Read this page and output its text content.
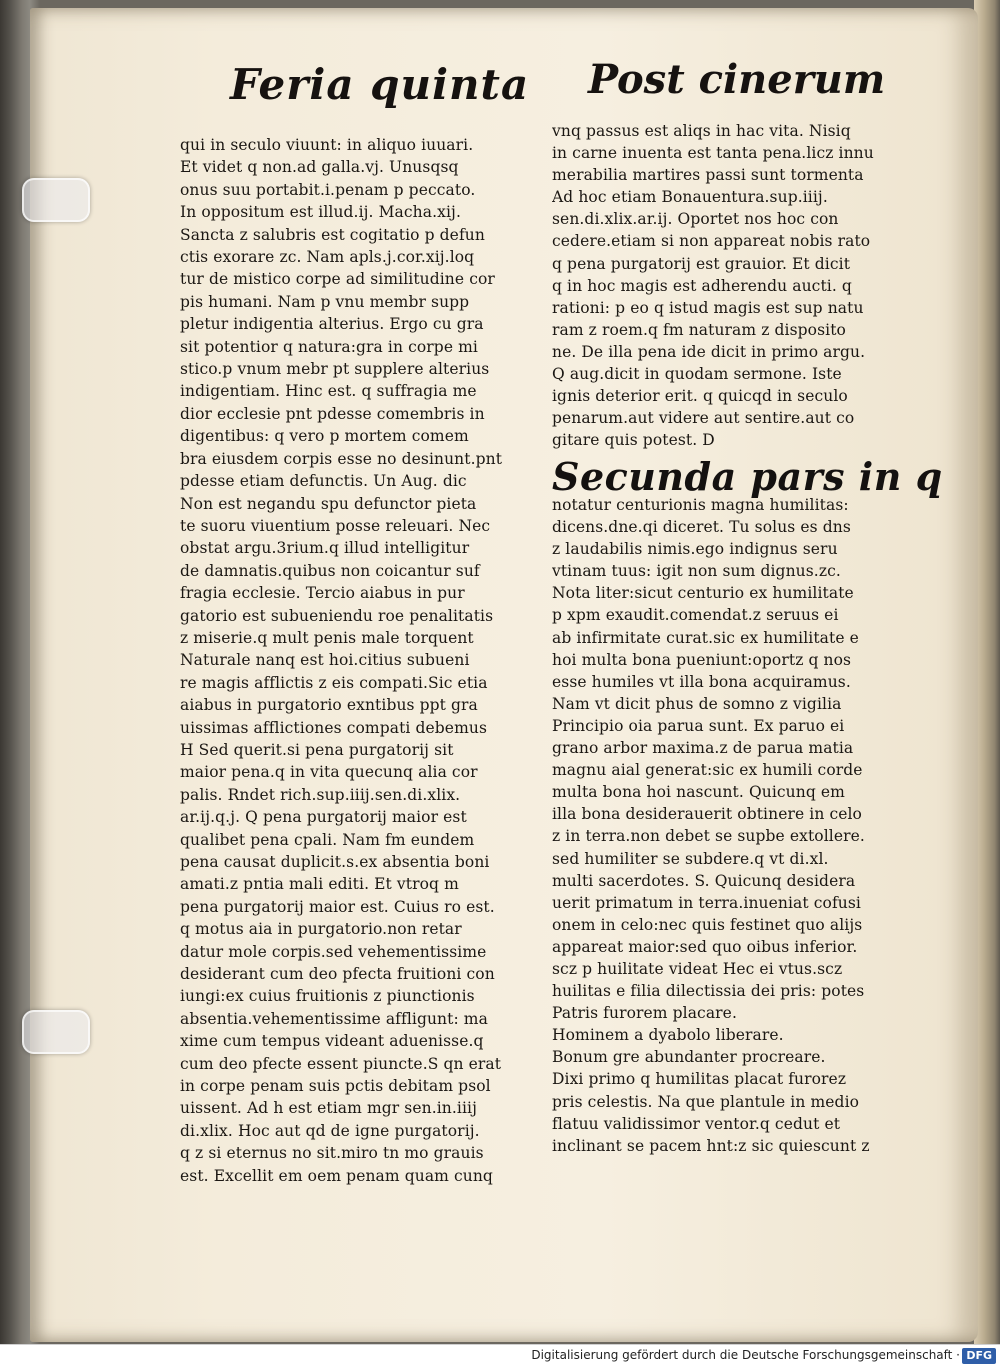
Feria quinta Post cinerum
qui in seculo viuunt: in aliquo iuuari.
Et videt q non.ad galla.vj. Unusqsq
onus suu portabit.i.penam p peccato.
In oppositum est illud.ij. Macha.xij.
Sancta z salubris est cogitatio p defun
ctis exorare zc. Nam apls.j.cor.xij.loq
tur de mistico corpe ad similitudine cor
pis humani. Nam p vnu membr supp
pletur indigentia alterius. Ergo cu gra
sit potentior q natura:gra in corpe mi
stico.p vnum mebr pt supplere alterius
indigentiam. Hinc est. q suffragia me
dior ecclesie pnt pdesse comembris in
digentibus: q vero p mortem comem
bra eiusdem corpis esse no desinunt.pnt
pdesse etiam defunctis. Un Aug. dic
Non est negandu spu defunctor pieta
te suoru viuentium posse releuari. Nec
obstat argu.3rium.q illud intelligitur
de damnatis.quibus non coicantur suf
fragia ecclesie. Tercio aiabus in pur
gatorio est subueniendu roe penalitatis
z miserie.q mult penis male torquent
Naturale nanq est hoi.citius subueni
re magis afflictis z eis compati.Sic etia
aiabus in purgatorio exntibus ppt gra
uissimas afflictiones compati debemus
H Sed querit.si pena purgatorij sit
maior pena.q in vita quecunq alia cor
palis. Rndet rich.sup.iiij.sen.di.xlix.
ar.ij.q.j. Q pena purgatorij maior est
qualibet pena cpali. Nam fm eundem
pena causat duplicit.s.ex absentia boni
amati.z pntia mali editi. Et vtroq m
pena purgatorij maior est. Cuius ro est.
q motus aia in purgatorio.non retar
datur mole corpis.sed vehementissime
desiderant cum deo pfecta fruitioni con
iungi:ex cuius fruitionis z piunctionis
absentia.vehementissime affligunt: ma
xime cum tempus videant aduenisse.q
cum deo pfecte essent piuncte.S qn erat
in corpe penam suis pctis debitam psol
uissent. Ad h est etiam mgr sen.in.iiij
di.xlix. Hoc aut qd de igne purgatorij.
q z si eternus no sit.miro tn mo grauis
est. Excellit em oem penam quam cunq
vnq passus est aliqs in hac vita. Nisiq
in carne inuenta est tanta pena.licz innu
merabilia martires passi sunt tormenta
Ad hoc etiam Bonauentura.sup.iiij.
sen.di.xlix.ar.ij. Oportet nos hoc con
cedere.etiam si non appareat nobis rato
q pena purgatorij est grauior. Et dicit
q in hoc magis est adherendu aucti. q
rationi: p eo q istud magis est sup natu
ram z roem.q fm naturam z disposito
ne. De illa pena ide dicit in primo argu.
Q aug.dicit in quodam sermone. Iste
ignis deterior erit. q quicqd in seculo
penarum.aut videre aut sentire.aut co
gitare quis potest. D
Secunda pars in q
notatur centurionis magna humilitas:
dicens.dne.qi diceret. Tu solus es dns
z laudabilis nimis.ego indignus seru
vtinam tuus: igit non sum dignus.zc.
Nota liter:sicut centurio ex humilitate
p xpm exaudit.comendat.z seruus ei
ab infirmitate curat.sic ex humilitate e
hoi multa bona pueniunt:oportz q nos
esse humiles vt illa bona acquiramus.
Nam vt dicit phus de somno z vigilia
Principio oia parua sunt. Ex paruo ei
grano arbor maxima.z de parua matia
magnu aial generat:sic ex humili corde
multa bona hoi nascunt. Quicunq em
illa bona desiderauerit obtinere in celo
z in terra.non debet se supbe extollere.
sed humiliter se subdere.q vt di.xl.
multi sacerdotes. S. Quicunq desidera
uerit primatum in terra.inueniat cofusi
onem in celo:nec quis festinet quo alijs
appareat maior:sed quo oibus inferior.
scz p huilitate videat Hec ei vtus.scz
huilitas e filia dilectissia dei pris: potes
Patris furorem placare.
Hominem a dyabolo liberare.
Bonum gre abundanter procreare.
Dixi primo q humilitas placat furorez
pris celestis. Na que plantule in medio
flatuu validissimor ventor.q cedut et
inclinant se pacem hnt:z sic quiescunt z
Digitalisierung gefördert durch die Deutsche Forschungsgemeinschaft · DFG
